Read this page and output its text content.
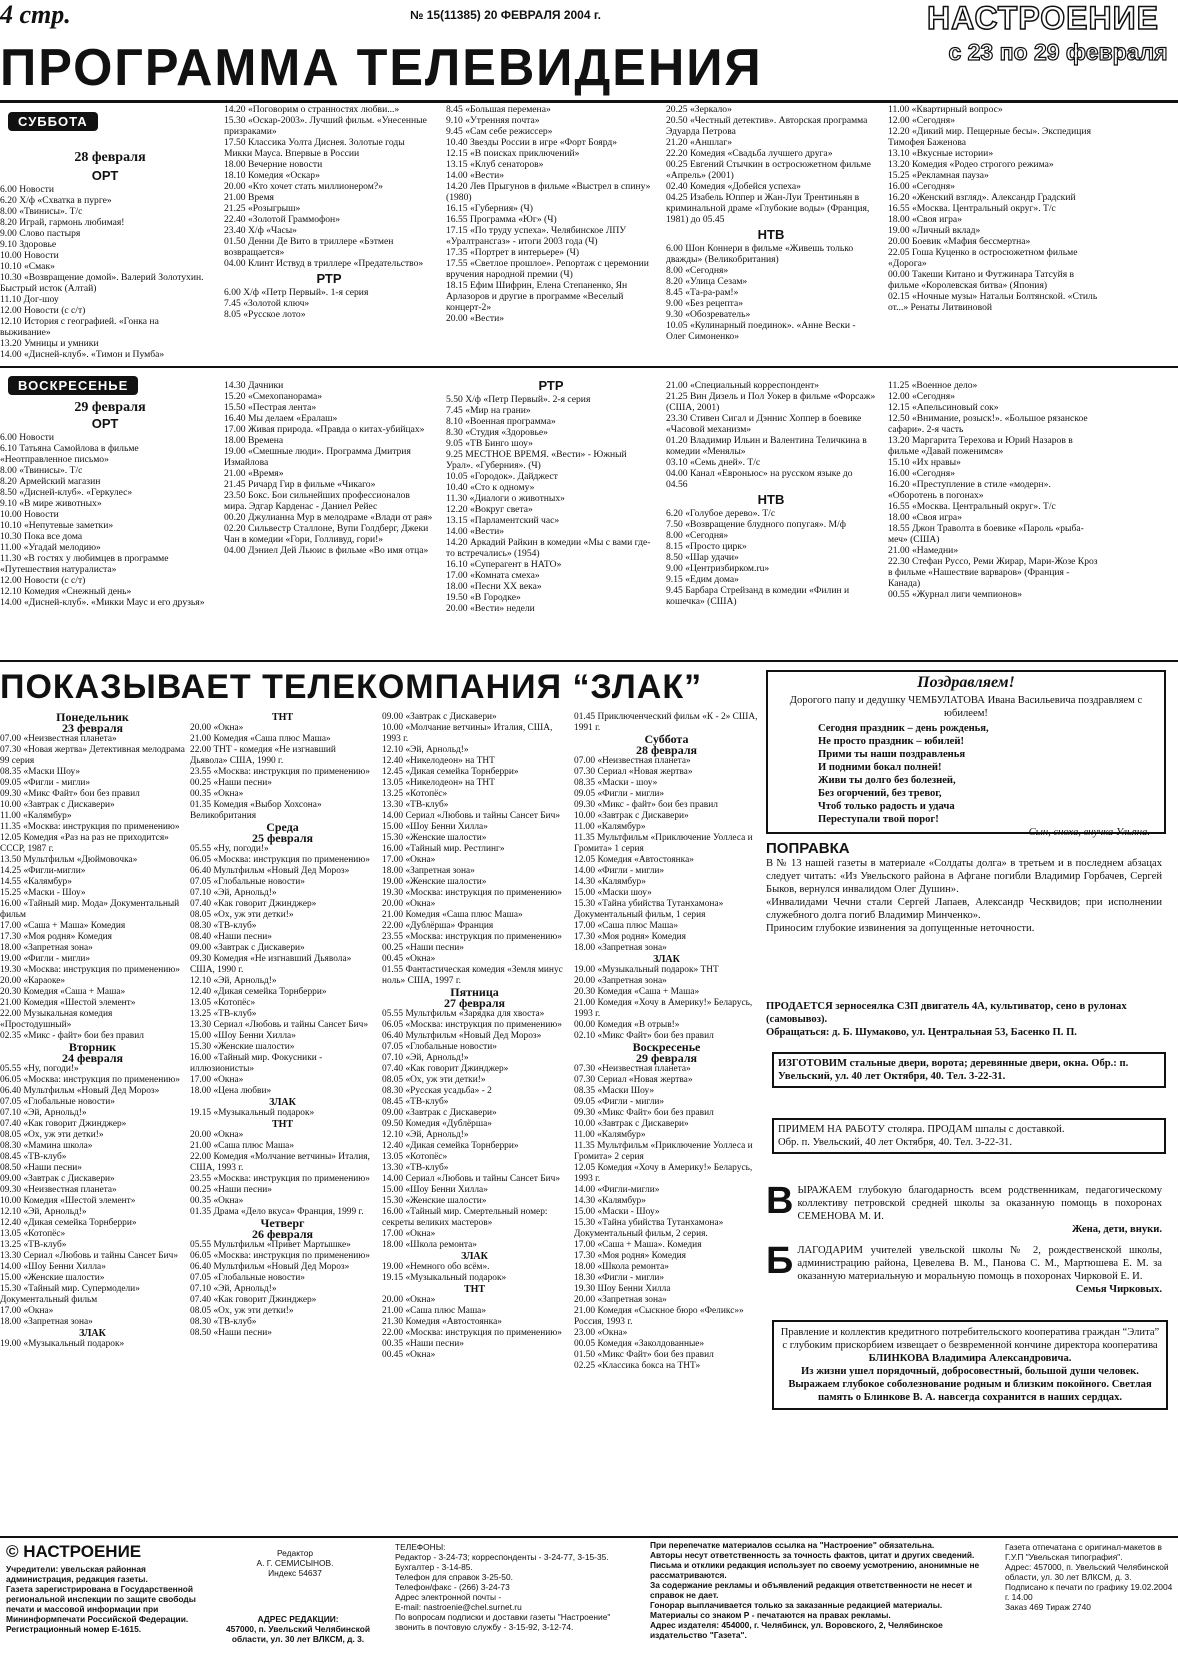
4 стр.	№ 15(11385) 20 ФЕВРАЛЯ 2004 г.	НАСТРОЕНИЕ
с 23 по 29 февраля
ПРОГРАММА ТЕЛЕВИДЕНИЯ
СУББОТА
28 февраля
ОРТ
6.00 Новости
6.20 Х/ф «Схватка в пурге»
8.00 «Твинисы». Т/с
8.20 Играй, гармонь любимая!
9.00 Слово пастыря
9.10 Здоровье
10.00 Новости
10.10 «Смак»
10.30 «Возвращение домой». Валерий Золотухин. Быстрый исток (Алтай)
11.10 Дог-шоу
12.00 Новости (с с/т)
12.10 История с географией. «Гонка на выживание»
13.20 Умницы и умники
14.00 «Дисней-клуб». «Тимон и Пумба»
14.20 «Поговорим о странностях любви...»
15.30 «Оскар-2003». Лучший фильм. «Унесенные призраками»
17.50 Классика Уолта Диснея. Золотые годы Микки Мауса. Впервые в России
18.00 Вечерние новости
18.10 Комедия «Оскар»
20.00 «Кто хочет стать миллионером?»
21.00 Время
21.25 «Розыгрыш»
22.40 «Золотой Граммофон»
23.40 Х/ф «Часы»
01.50 Денни Де Вито в триллере «Бэтмен возвращается»
04.00 Клинт Иствуд в триллере «Предательство»
РТР
6.00 Х/ф «Петр Первый». 1-я серия
7.45 «Золотой ключ»
8.05 «Русское лото»
8.45 «Большая перемена»
9.10 «Утренняя почта»
9.45 «Сам себе режиссер»
10.40 Звезды России в игре «Форт Боярд»
12.15 «В поисках приключений»
13.15 «Клуб сенаторов»
14.00 «Вести»
14.20 Лев Прыгунов в фильме «Выстрел в спину» (1980)
16.15 «Губерния» (Ч)
16.55 Программа «Юг» (Ч)
17.15 «По труду успеха». Челябинское ЛПУ «Уралтрансгаз» - итоги 2003 года (Ч)
17.35 «Портрет в интерьере» (Ч)
17.55 «Светлое прошлое». Репортаж с церемонии вручения народной премии (Ч)
18.15 Ефим Шифрин, Елена Степаненко, Ян Арлазоров и другие в программе «Веселый концерт-2»
20.00 «Вести»
20.25 «Зеркало»
20.50 «Честный детектив». Авторская программа Эдуарда Петрова
21.20 «Аншлаг»
22.20 Комедия «Свадьба лучшего друга»
00.25 Евгений Стычкин в остросюжетном фильме «Апрель» (2001)
02.40 Комедия «Добейся успеха»
04.25 Изабель Юппер и Жан-Луи Трентиньян в криминальной драме «Глубокие воды» (Франция, 1981) до 05.45
НТВ
6.00 Шон Коннери в фильме «Живешь только дважды» (Великобритания)
8.00 «Сегодня»
8.20 «Улица Сезам»
8.45 «Та-ра-рам!»
9.00 «Без рецепта»
9.30 «Обозреватель»
10.05 «Кулинарный поединок». «Анне Вески - Олег Симоненко»
11.00 «Квартирный вопрос»
12.00 «Сегодня»
12.20 «Дикий мир. Пещерные бесы». Экспедиция Тимофея Баженова
13.10 «Вкусные истории»
13.20 Комедия «Родео строгого режима»
15.25 «Рекламная пауза»
16.00 «Сегодня»
16.20 «Женский взгляд». Александр Градский
16.55 «Москва. Центральный округ». Т/с
18.00 «Своя игра»
19.00 «Личный вклад»
20.00 Боевик «Мафия бессмертна»
22.05 Гоша Куценко в остросюжетном фильме «Дорога»
00.00 Такеши Китано и Футжинара Татсуйя в фильме «Королевская битва» (Япония)
02.15 «Ночные музы» Натальи Болтянской. «Стиль от...» Ренаты Литвиновой
ВОСКРЕСЕНЬЕ
29 февраля
ОРТ
6.00 Новости
6.10 Татьяна Самойлова в фильме «Неотправленное письмо»
8.00 «Твинисы». Т/с
8.20 Армейский магазин
8.50 «Дисней-клуб». «Геркулес»
9.10 «В мире животных»
10.00 Новости
10.10 «Непутевые заметки»
10.30 Пока все дома
11.00 «Угадай мелодию»
11.30 «В гостях у любимцев в программе «Путешествия натуралиста»
12.00 Новости (с с/т)
12.10 Комедия «Снежный день»
14.00 «Дисней-клуб». «Микки Маус и его друзья»
14.30 Дачники
15.20 «Смехопанорама»
15.50 «Пестрая лента»
16.40 Мы делаем «Ералаш»
17.00 Живая природа. «Правда о китах-убийцах»
18.00 Времена
19.00 «Смешные люди». Программа Дмитрия Измайлова
21.00 «Время»
21.45 Ричард Гир в фильме «Чикаго»
23.50 Бокс. Бои сильнейших профессионалов мира. Эдгар Карденас - Даниел Рейес
00.20 Джулианна Мур в мелодраме «Влади от рая»
02.20 Сильвестр Сталлоне, Вупи Голдберг, Джеки Чан в комедии «Гори, Голливуд, гори!»
04.00 Дэниел Дей Льюис в фильме «Во имя отца»
РТР
5.50 Х/ф «Петр Первый». 2-я серия
7.45 «Мир на грани»
8.10 «Военная программа»
8.30 «Студия «Здоровье»
9.05 «ТВ Бинго шоу»
9.25 МЕСТНОЕ ВРЕМЯ. «Вести» - Южный Урал». «Губерния». (Ч)
10.05 «Городок». Дайджест
10.40 «Сто к одному»
11.30 «Диалоги о животных»
12.20 «Вокруг света»
13.15 «Парламентский час»
14.00 «Вести»
14.20 Аркадий Райкин в комедии «Мы с вами где-то встречались» (1954)
16.10 «Суперагент в НАТО»
17.00 «Комната смеха»
18.00 «Песни XX века»
19.50 «В Городке»
20.00 «Вести» недели
21.00 «Специальный корреспондент»
21.25 Вин Дизель и Пол Уокер в фильме «Форсаж» (США, 2001)
23.30 Стивен Сигал и Дэннис Хоппер в боевике «Часовой механизм»
01.20 Владимир Ильин и Валентина Теличкина в комедии «Менялы»
03.10 «Семь дней». Т/с
04.00 Канал «Евроньюс» на русском языке до 04.56
НТВ
6.20 «Голубое дерево». Т/с
7.50 «Возвращение блудного попугая». М/ф
8.00 «Сегодня»
8.15 «Просто цирк»
8.50 «Шар удачи»
9.00 «Центризбирком.ru»
9.15 «Едим дома»
9.45 Барбара Стрейзанд в комедии «Филин и кошечка» (США)
11.25 «Военное дело»
12.00 «Сегодня»
12.15 «Апельсиновый сок»
12.50 «Внимание, розыск!». «Большое рязанское сафари». 2-я часть
13.20 Маргарита Терехова и Юрий Назаров в фильме «Давай поженимся»
15.10 «Их нравы»
16.00 «Сегодня»
16.20 «Преступление в стиле «модерн». «Оборотень в погонах»
16.55 «Москва. Центральный округ». Т/с
18.00 «Своя игра»
18.55 Джон Траволта в боевике «Пароль «рыба-меч» (США)
21.00 «Намедни»
22.30 Стефан Руссо, Реми Жирар, Мари-Жозе Кроз в фильме «Нашествие варваров» (Франция - Канада)
00.55 «Журнал лиги чемпионов»
ПОКАЗЫВАЕТ ТЕЛЕКОМПАНИЯ “ЗЛАК”
Понедельник
23 февраля
07.00 «Неизвестная планета»
07.30 «Новая жертва» Детективная мелодрама 99 серия
08.35 «Маски Шоу»
09.05 «Фигли - мигли»
09.30 «Микс Файт» бои без правил
10.00 «Завтрак с Дискавери»
11.00 «Калямбур»
11.35 «Москва: инструкция по применению»
12.05 Комедия «Раз на раз не приходится» СССР, 1987 г.
13.50 Мультфильм «Дюймовочка»
14.25 «Фигли-мигли»
14.55 «Калямбур»
15.25 «Маски - Шоу»
16.00 «Тайный мир. Мода» Документальный фильм
17.00 «Саша + Маша» Комедия
17.30 «Моя родня» Комедия
18.00 «Запретная зона»
19.00 «Фигли - мигли»
19.30 «Москва: инструкция по применению»
20.00 «Караоке»
20.30 Комедия «Саша + Маша»
21.00 Комедия «Шестой элемент»
22.00 Музыкальная комедия «Простодушный»
02.35 «Микс - файт» бои без правил
Вторник
24 февраля
05.55 «Ну, погоди!»
06.05 «Москва: инструкция по применению»
06.40 Мультфильм «Новый Дед Мороз»
07.05 «Глобальные новости»
07.10 «Эй, Арнольд!»
07.40 «Как говорит Джинджер»
08.05 «Ох, уж эти детки!»
08.30 «Мамина школа»
08.45 «ТВ-клуб»
08.50 «Наши песни»
09.00 «Завтрак с Дискавери»
09.30 «Неизвестная планета»
10.00 Комедия «Шестой элемент»
12.10 «Эй, Арнольд!»
12.40 «Дикая семейка Торнберри»
13.05 «Котопёс»
13.25 «ТВ-клуб»
13.30 Сериал «Любовь и тайны Сансет Бич»
14.00 «Шоу Бенни Хилла»
15.00 «Женские шалости»
15.30 «Тайный мир. Супермодели» Документальный фильм
17.00 «Окна»
18.00 «Запретная зона»
ЗЛАК
19.00 «Музыкальный подарок»
ТНТ
20.00 «Окна»
21.00 Комедия «Саша плюс Маша»
22.00 ТНТ - комедия «Не изгнавший Дьявола» США, 1990 г.
23.55 «Москва: инструкция по применению»
00.25 «Наши песни»
00.35 «Окна»
01.35 Комедия «Выбор Хохсона» Великобритания
Среда
25 февраля
05.55 «Ну, погоди!»
06.05 «Москва: инструкция по применению»
06.40 Мультфильм «Новый Дед Мороз»
07.05 «Глобальные новости»
07.10 «Эй, Арнольд!»
07.40 «Как говорит Джинджер»
08.05 «Ох, уж эти детки!»
08.30 «ТВ-клуб»
08.40 «Наши песни»
09.00 «Завтрак с Дискавери»
09.30 Комедия «Не изгнавший Дьявола» США, 1990 г.
12.10 «Эй, Арнольд!»
12.40 «Дикая семейка Торнберри»
13.05 «Котопёс»
13.25 «ТВ-клуб»
13.30 Сериал «Любовь и тайны Сансет Бич»
15.00 «Шоу Бенни Хилла»
15.30 «Женские шалости»
16.00 «Тайный мир. Фокусники - иллюзионисты»
17.00 «Окна»
18.00 «Цена любви»
ЗЛАК
19.15 «Музыкальный подарок»
ТНТ
20.00 «Окна»
21.00 «Саша плюс Маша»
22.00 Комедия «Молчание ветчины» Италия, США, 1993 г.
23.55 «Москва: инструкция по применению»
00.25 «Наши песни»
00.35 «Окна»
01.35 Драма «Дело вкуса» Франция, 1999 г.
Четверг
26 февраля
05.55 Мультфильм «Привет Мартышке»
06.05 «Москва: инструкция по применению»
06.40 Мультфильм «Новый Дед Мороз»
07.05 «Глобальные новости»
07.10 «Эй, Арнольд!»
07.40 «Как говорит Джинджер»
08.05 «Ох, уж эти детки!»
08.30 «ТВ-клуб»
08.50 «Наши песни»
09.00 «Завтрак с Дискавери»
10.00 «Молчание ветчины» Италия, США, 1993 г.
12.10 «Эй, Арнольд!»
12.40 «Никелодеон» на ТНТ
12.45 «Дикая семейка Торнберри»
13.05 «Никелодеон» на ТНТ
13.25 «Котопёс»
13.30 «ТВ-клуб»
14.00 Сериал «Любовь и тайны Сансет Бич»
15.00 «Шоу Бенни Хилла»
15.30 «Женские шалости»
16.00 «Тайный мир. Рестлинг»
17.00 «Окна»
18.00 «Запретная зона»
19.00 «Женские шалости»
19.30 «Москва: инструкция по применению»
20.00 «Окна»
21.00 Комедия «Саша плюс Маша»
22.00 «Дублёрша» Франция
23.55 «Москва: инструкция по применению»
00.25 «Наши песни»
00.45 «Окна»
01.55 Фантастическая комедия «Земля минус ноль» США, 1997 г.
Пятница
27 февраля
05.55 Мультфильм «Зарядка для хвоста»
06.05 «Москва: инструкция по применению»
06.40 Мультфильм «Новый Дед Мороз»
07.05 «Глобальные новости»
07.10 «Эй, Арнольд!»
07.40 «Как говорит Джинджер»
08.05 «Ох, уж эти детки!»
08.30 «Русская усадьба» - 2
08.45 «ТВ-клуб»
09.00 «Завтрак с Дискавери»
09.50 Комедия «Дублёрша»
12.10 «Эй, Арнольд!»
12.40 «Дикая семейка Торнберри»
13.05 «Котопёс»
13.30 «ТВ-клуб»
14.00 Сериал «Любовь и тайны Сансет Бич»
15.00 «Шоу Бенни Хилла»
15.30 «Женские шалости»
16.00 «Тайный мир. Смертельный номер: секреты великих мастеров»
17.00 «Окна»
18.00 «Школа ремонта»
ЗЛАК
19.00 «Немного обо всём».
19.15 «Музыкальный подарок»
ТНТ
20.00 «Окна»
21.00 «Саша плюс Маша»
21.30 Комедия «Автостоянка»
22.00 «Москва: инструкция по применению»
00.35 «Наши песни»
00.45 «Окна»
01.45 Приключенческий фильм «К - 2» США, 1991 г.
Суббота
28 февраля
07.00 «Неизвестная планета»
07.30 Сериал «Новая жертва»
08.35 «Маски - шоу»
09.05 «Фигли - мигли»
09.30 «Микс - файт» бои без правил
10.00 «Завтрак с Дискавери»
11.00 «Калямбур»
11.35 Мультфильм «Приключение Уоллеса и Громита» 1 серия
12.05 Комедия «Автостоянка»
14.00 «Фигли - мигли»
14.30 «Калямбур»
15.00 «Маски шоу»
15.30 «Тайна убийства Тутанхамона» Документальный фильм, 1 серия
17.00 «Саша плюс Маша»
17.30 «Моя родня» Комедия
18.00 «Запретная зона»
ЗЛАК
19.00 «Музыкальный подарок» ТНТ
20.00 «Запретная зона»
20.30 Комедия «Саша + Маша»
21.00 Комедия «Хочу в Америку!» Беларусь, 1993 г.
00.00 Комедия «В отрыв!»
02.10 «Микс Файт» бои без правил
Воскресенье
29 февраля
07.30 «Неизвестная планета»
07.30 Сериал «Новая жертва»
08.35 «Маски Шоу»
09.05 «Фигли - мигли»
09.30 «Микс Файт» бои без правил
10.00 «Завтрак с Дискавери»
11.00 «Калямбур»
11.35 Мультфильм «Приключение Уоллеса и Громита» 2 серия
12.05 Комедия «Хочу в Америку!» Беларусь, 1993 г.
14.00 «Фигли-мигли»
14.30 «Калямбур»
15.00 «Маски - Шоу»
15.30 «Тайна убийства Тутанхамона» Документальный фильм, 2 серия.
17.00 «Саша + Маша». Комедия
17.30 «Моя родня» Комедия
18.00 «Школа ремонта»
18.30 «Фигли - мигли»
19.30 Шоу Бенни Хилла
20.00 «Запретная зона»
21.00 Комедия «Сыскное бюро «Феликс»» Россия, 1993 г.
23.00 «Окна»
00.05 Комедия «Заколдованные»
01.50 «Микс Файт» бои без правил
02.25 «Классика бокса на ТНТ»
Поздравляем!
Дорогого папу и дедушку ЧЕМБУЛАТОВА Ивана Васильевича поздравляем с юбилеем!
Сегодня праздник – день рожденья,
Не просто праздник – юбилей!
Прими ты наши поздравленья
И подними бокал полней!
Живи ты долго без болезней,
Без огорчений, без тревог,
Чтоб только радость и удача
Переступали твой порог!
Сын, сноха, внучка Ульяна.
ПОПРАВКА
В № 13 нашей газеты в материале «Солдаты долга» в третьем и в последнем абзацах следует читать: «Из Увельского района в Афгане погибли Владимир Горбачев, Сергей Быков, вернулся инвалидом Олег Душин».
«Инвалидами Чечни стали Сергей Лапаев, Александр Ческвидов; при исполнении служебного долга погиб Владимир Минченко».
Приносим глубокие извинения за допущенные неточности.
ПРОДАЕТСЯ зерносеялка СЗП двигатель 4А, культиватор, сено в рулонах (самовывоз).
Обращаться: д. Б. Шумаково, ул. Центральная 53, Басенко П. П.
ИЗГОТОВИМ стальные двери, ворота; деревянные двери, окна. Обр.: п. Увельский, ул. 40 лет Октября, 40. Тел. 3-22-31.
ПРИМЕМ НА РАБОТУ столяра. ПРОДАМ шпалы с доставкой.
Обр. п. Увельский, 40 лет Октября, 40. Тел. 3-22-31.
В ЫРАЖАЕМ глубокую благодарность всем родственникам, педагогическому коллективу петровской средней школы за оказанную помощь в похоронах СЕМЕНОВА М. И.
Жена, дети, внуки.
Б ЛАГОДАРИМ учителей увельской школы № 2, рождественской школы, администрацию района, Цевелева В. М., Панова С. М., Мартюшева Е. М. за оказанную материальную и моральную помощь в похоронах Чирковой Е. И.
Семья Чирковых.
Правление и коллектив кредитного потребительского кооператива граждан “Элита” с глубоким прискорбием извещает о безвременной кончине директора кооператива
БЛИНКОВА Владимира Александровича.
Из жизни ушел порядочный, добросовестный, большой души человек.
Выражаем глубокое соболезнование родным и близким покойного. Светлая память о Блинкове В. А. навсегда сохранится в наших сердцах.
© НАСТРОЕНИЕ
Учредители: увельская районная администрация, редакция газеты.
Газета зарегистрирована в Государственной региональной инспекции по защите свободы печати и массовой информации при Мининформпечати Российской Федерации. Регистрационный номер Е-1615.
Редактор
А. Г. СЕМИСЫНОВ.
Индекс 54637
АДРЕС РЕДАКЦИИ:
457000, п. Увельский Челябинской области, ул. 30 лет ВЛКСМ, д. 3.
ТЕЛЕФОНЫ:
Редактор - 3-24-73; корреспонденты - 3-24-77, 3-15-35.
Бухгалтер - 3-14-85.
Телефон для справок 3-25-50.
Телефон/факс - (266) 3-24-73
Адрес электронной почты -
E-mail: nastroenie@chel.surnet.ru
По вопросам подписки и доставки газеты "Настроение" звонить в почтовую службу - 3-15-92, 3-12-74.
При перепечатке материалов ссылка на "Настроение" обязательна.
Авторы несут ответственность за точность фактов, цитат и других сведений.
Письма и отклики редакция использует по своему усмотрению, анонимные не рассматриваются.
За содержание рекламы и объявлений редакция ответственности не несет и справок не дает.
Гонорар выплачивается только за заказанные редакцией материалы.
Материалы со знаком Р - печатаются на правах рекламы.
Адрес издателя: 454000, г. Челябинск, ул. Воровского, 2, Челябинское издательство "Газета".
Газета отпечатана с оригинал-макетов в Г.У.П "Увельская типография".
Адрес: 457000, п. Увельский Челябинской области, ул. 30 лет ВЛКСМ, д. 3.
Подписано к печати по графику 19.02.2004 г. 14.00
Заказ 469 Тираж 2740
